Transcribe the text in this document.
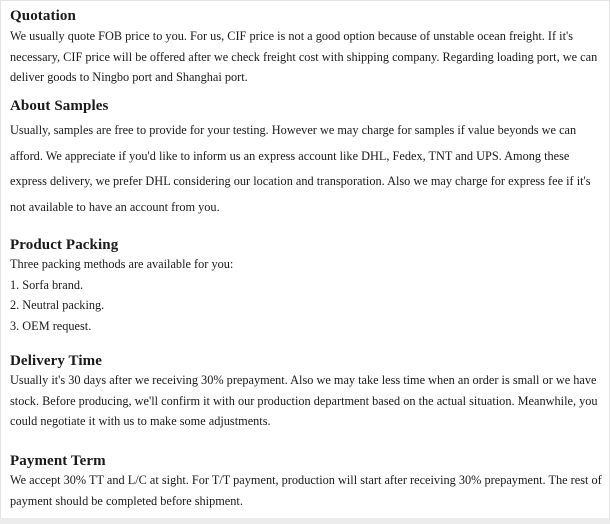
Quotation

We usually quote FOB price to you. For us, CIF price is not a good option because of unstable ocean freight. If it's necessary, CIF price will be offered after we check freight cost with shipping company. Regarding loading port, we can deliver goods to Ningbo port and Shanghai port.

About Samples

Usually, samples are free to provide for your testing. However we may charge for samples if value beyonds we can afford. We appreciate if you'd like to inform us an express account like DHL, Fedex, TNT and UPS. Among these express delivery, we prefer DHL considering our location and transporation. Also we may charge for express fee if it's not available to have an account from you.

Product Packing

Three packing methods are available for you:

1. Sorfa brand.
2. Neutral packing.
3. OEM request.
Delivery Time

Usually it's 30 days after we receiving 30% prepayment. Also we may take less time when an order is small or we have stock. Before producing, we'll confirm it with our production department based on the actual situation. Meanwhile, you could negotiate it with us to make some adjustments.

Payment Term

We accept 30% TT and L/C at sight. For T/T payment, production will start after receiving 30% prepayment. The rest of payment should be completed before shipment.
